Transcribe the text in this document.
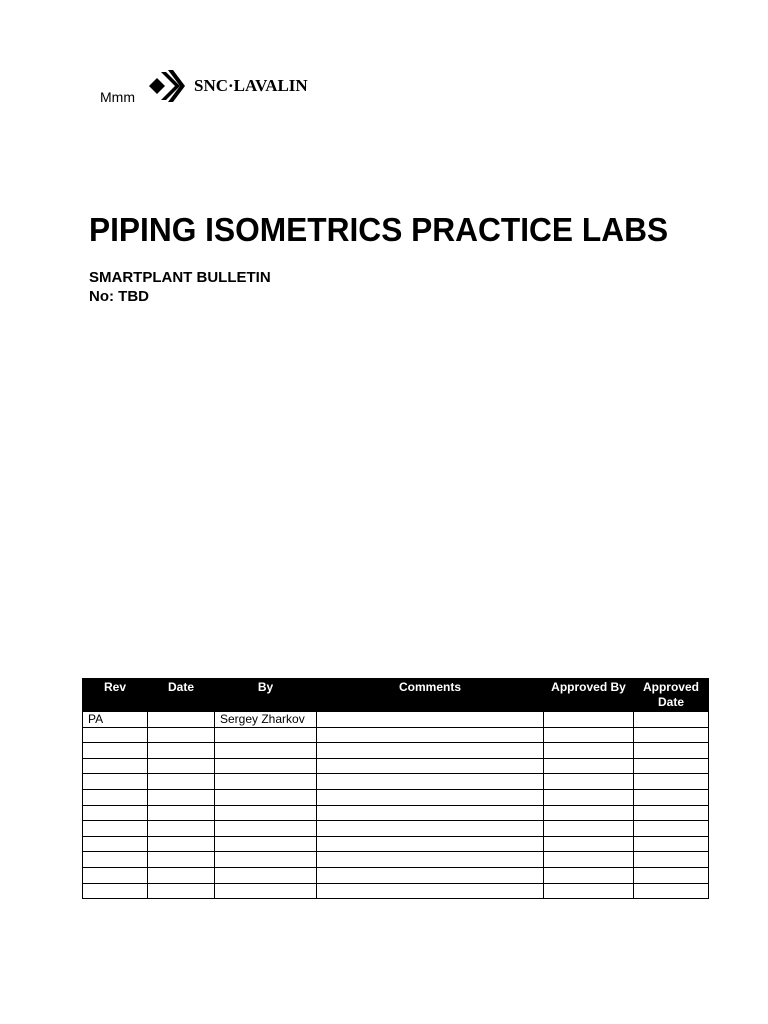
Mmm
SNC·LAVALIN
PIPING ISOMETRICS PRACTICE LABS
SMARTPLANT BULLETIN
No: TBD
Rev	Date	By	Comments	Approved By	Approved Date
PA		Sergey Zharkov			
